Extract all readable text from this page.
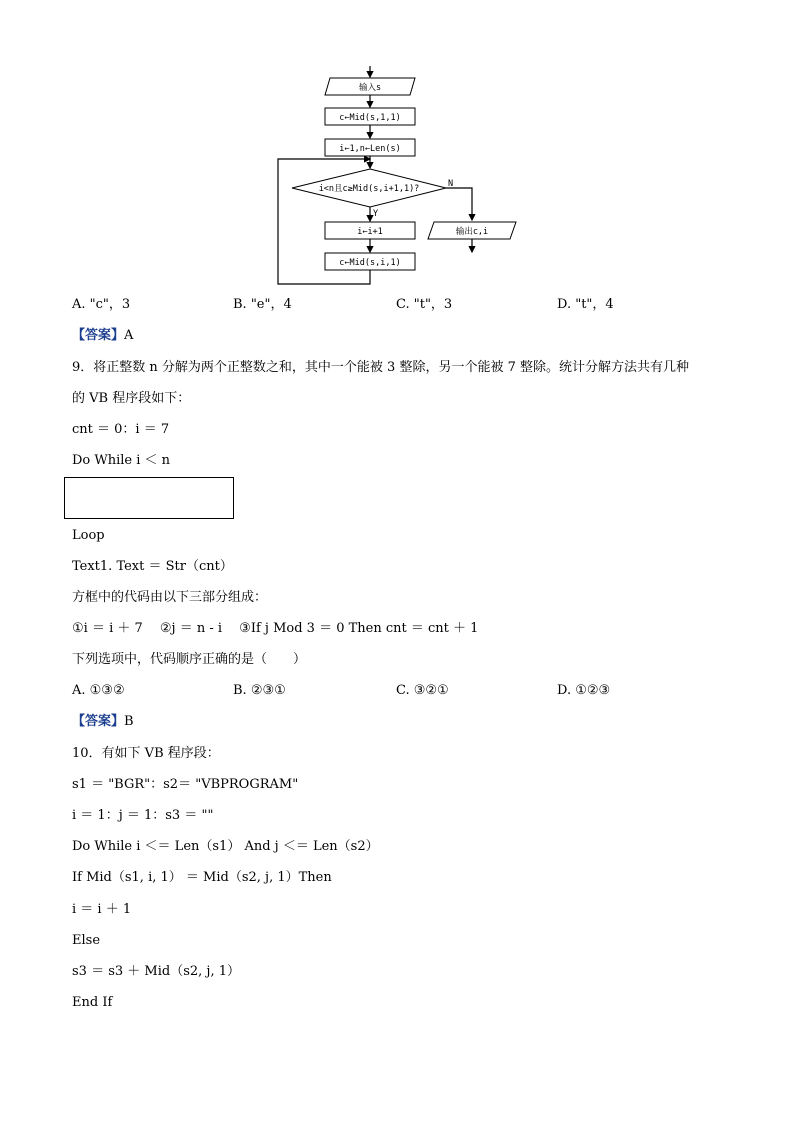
输入s
c←Mid(s,1,1)
i←1,n←Len(s)
i<n且c≥Mid(s,i+1,1)?
Y
i←i+1
c←Mid(s,i,1)
N
输出c,i
A. "c"，3	B. "e"，4	C. "t"，3	D. "t"，4
【答案】A
9．将正整数 n 分解为两个正整数之和，其中一个能被 3 整除，另一个能被 7 整除。统计分解方法共有几种
的 VB 程序段如下：
cnt ＝ 0：i ＝ 7
Do While i ＜ n
Loop
Text1. Text ＝ Str（cnt）
方框中的代码由以下三部分组成：
①i ＝ i ＋ 7　 ②j ＝ n - i　 ③If j Mod 3 ＝ 0 Then cnt ＝ cnt ＋ 1
下列选项中，代码顺序正确的是（　　）
A. ①③②	B. ②③①	C. ③②①	D. ①②③
【答案】B
10．有如下 VB 程序段：
s1 ＝ "BGR"：s2＝ "VBPROGRAM"
i ＝ 1：j ＝ 1：s3 ＝ ""
Do While i ＜＝ Len（s1） And j ＜＝ Len（s2）
If Mid（s1, i, 1） ＝ Mid（s2, j, 1）Then
i ＝ i ＋ 1
Else
s3 ＝ s3 ＋ Mid（s2, j, 1）
End If
